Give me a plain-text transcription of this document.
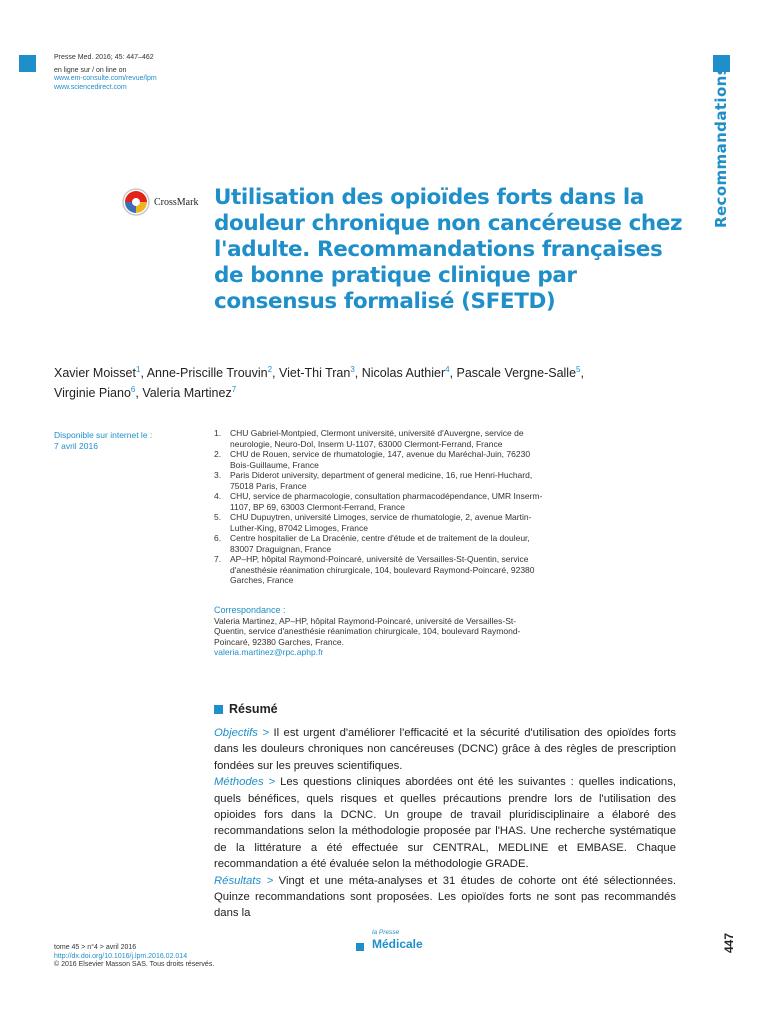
Presse Med. 2016; 45: 447–462
en ligne sur / on line on
www.em-consulte.com/revue/lpm
www.sciencedirect.com	Recommandations
CrossMark Utilisation des opioïdes forts dans la douleur chronique non cancéreuse chez l'adulte. Recommandations françaises de bonne pratique clinique par consensus formalisé (SFETD)
Xavier Moisset$^1$, Anne-Priscille Trouvin$^2$, Viet-Thi Tran$^3$, Nicolas Authier$^4$, Pascale Vergne-Salle$^5$,
Virginie Piano$^6$, Valeria Martinez$^7$
Disponible sur internet le :
7 avril 2016
1. CHU Gabriel-Montpied, Clermont université, université d'Auvergne, service de neurologie, Neuro-Dol, Inserm U-1107, 63000 Clermont-Ferrand, France
2. CHU de Rouen, service de rhumatologie, 147, avenue du Maréchal-Juin, 76230 Bois-Guillaume, France
3. Paris Diderot university, department of general medicine, 16, rue Henri-Huchard, 75018 Paris, France
4. CHU, service de pharmacologie, consultation pharmacodépendance, UMR Inserm-1107, BP 69, 63003 Clermont-Ferrand, France
5. CHU Dupuytren, université Limoges, service de rhumatologie, 2, avenue Martin-Luther-King, 87042 Limoges, France
6. Centre hospitalier de La Dracénie, centre d'étude et de traitement de la douleur, 83007 Draguignan, France
7. AP–HP, hôpital Raymond-Poincaré, université de Versailles-St-Quentin, service d'anesthésie réanimation chirurgicale, 104, boulevard Raymond-Poincaré, 92380 Garches, France
Correspondance :
Valeria Martinez, AP–HP, hôpital Raymond-Poincaré, université de Versailles-St-Quentin, service d'anesthésie réanimation chirurgicale, 104, boulevard Raymond-Poincaré, 92380 Garches, France.
valeria.martinez@rpc.aphp.fr
Résumé

Objectifs > Il est urgent d'améliorer l'efficacité et la sécurité d'utilisation des opioïdes forts dans les douleurs chroniques non cancéreuses (DCNC) grâce à des règles de prescription fondées sur les preuves scientifiques.

Méthodes > Les questions cliniques abordées ont été les suivantes : quelles indications, quels bénéfices, quels risques et quelles précautions prendre lors de l'utilisation des opioides fors dans la DCNC. Un groupe de travail pluridisciplinaire a élaboré des recommandations selon la méthodologie proposée par l'HAS. Une recherche systématique de la littérature a été effectuée sur CENTRAL, MEDLINE et EMBASE. Chaque recommandation a été évaluée selon la méthodologie GRADE.

Résultats > Vingt et une méta-analyses et 31 études de cohorte ont été sélectionnées. Quinze recommandations sont proposées. Les opioïdes forts ne sont pas recommandés dans la

tome 45 > n°4 > avril 2016
http://dx.doi.org/10.1016/j.lpm.2016.02.014
© 2016 Elsevier Masson SAS. Tous droits réservés.
la Presse
Médicale	447
